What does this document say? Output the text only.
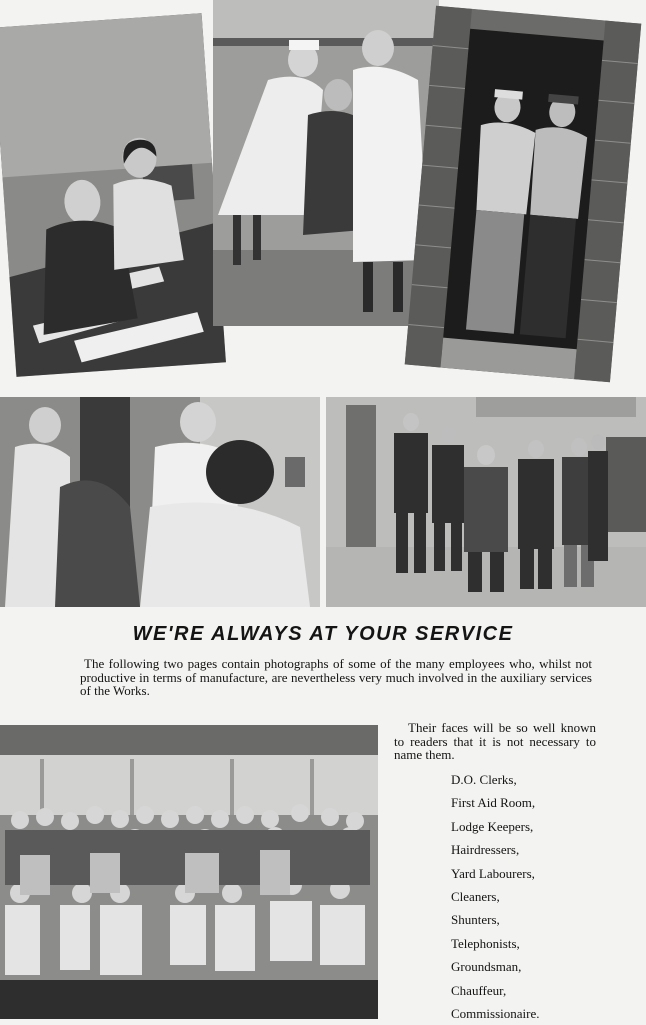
WE'RE ALWAYS AT YOUR SERVICE

The following two pages contain photographs of some of the many employees who, whilst not productive in terms of manufacture, are nevertheless very much involved in the auxiliary services of the Works.

Their faces will be so well known to readers that it is not necessary to name them.

D.O. Clerks,
First Aid Room,
Lodge Keepers,
Hairdressers,
Yard Labourers,
Cleaners,
Shunters,
Telephonists,
Groundsman,
Chauffeur,
Commissionaire.
